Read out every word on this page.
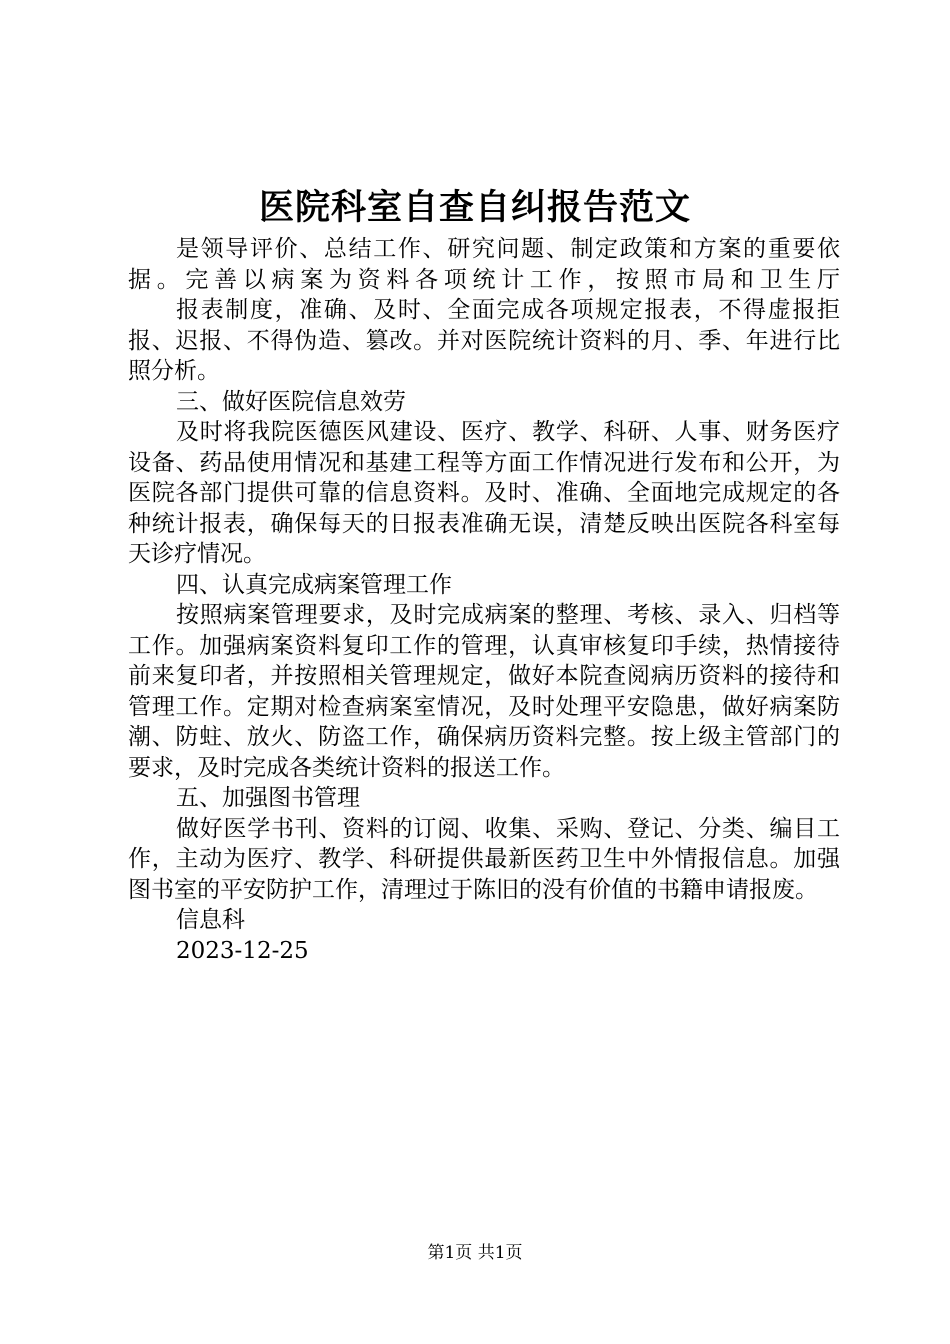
医院科室自查自纠报告范文

是领导评价、总结工作、研究问题、制定政策和方案的重要依据。完善以病案为资料各项统计工作，按照市局和卫生厅

报表制度，准确、及时、全面完成各项规定报表，不得虚报拒报、迟报、不得伪造、篡改。并对医院统计资料的月、季、年进行比照分析。

三、做好医院信息效劳

及时将我院医德医风建设、医疗、教学、科研、人事、财务医疗设备、药品使用情况和基建工程等方面工作情况进行发布和公开，为医院各部门提供可靠的信息资料。及时、准确、全面地完成规定的各种统计报表，确保每天的日报表准确无误，清楚反映出医院各科室每天诊疗情况。

四、认真完成病案管理工作

按照病案管理要求，及时完成病案的整理、考核、录入、归档等工作。加强病案资料复印工作的管理，认真审核复印手续，热情接待前来复印者，并按照相关管理规定，做好本院查阅病历资料的接待和管理工作。定期对检查病案室情况，及时处理平安隐患，做好病案防潮、防蛀、放火、防盗工作，确保病历资料完整。按上级主管部门的要求，及时完成各类统计资料的报送工作。

五、加强图书管理

做好医学书刊、资料的订阅、收集、采购、登记、分类、编目工作，主动为医疗、教学、科研提供最新医药卫生中外情报信息。加强图书室的平安防护工作，清理过于陈旧的没有价值的书籍申请报废。

信息科

2023-12-25

第1页 共1页
